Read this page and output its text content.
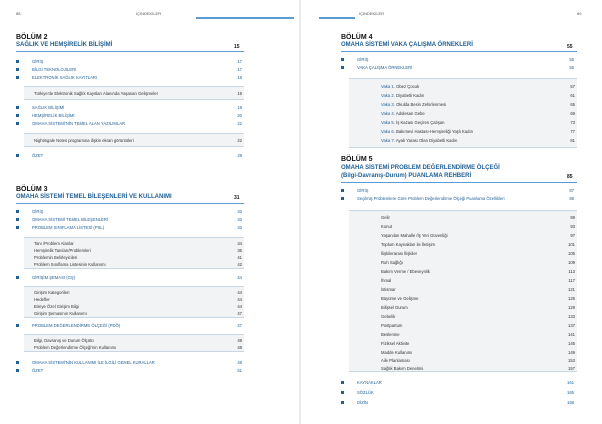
88	İÇİNDEKİLER
BÖLÜM 2
SAĞLIK VE HEMŞİRELİK BİLİŞİMİ	15
GİRİŞ	17
BİLGİ TEKNOLOJİLERİ	17
ELEKTRONİK SAĞLIK KAYITLARI	18
Türkiye'de Elektronik Sağlık Kayıtları Alanında Yaşanan Gelişmeler	19
SAĞLIK BİLİŞİMİ	19
HEMŞİRELİK BİLİŞİMİ	20
OMAHA SİSTEMİ'NİN TEMEL ALAN YAZILIMLAR	22
Nightingale Notes programına ilişkin ekran görüntüleri	22
ÖZET	29
BÖLÜM 3
OMAHA SİSTEMİ TEMEL BİLEŞENLERİ VE KULLANIMI	31
GİRİŞ	33
OMAHA SİSTEMİ TEMEL BİLEŞENLERİ	33
PROBLEM SINIFLAMA LİSTESİ (PSL)	33
Tanı /Problem Alanlar	34
Hemşirelik Tanıları/Problemleri	36
Problemin Belirleyicileri	41
Problem Sınıflama Listesinin Kullanımı	42
GİRİŞİM ŞEMASI (GŞ)	44
Girişim Kategorileri	44
Hedefler	44
Bireye Özel Girişim Bilgi	44
Girişim Şemasının Kullanımı	47
PROBLEM DEĞERLENDİRME ÖLÇEĞİ (PDÖ)	47
Bilgi, Davranış ve Durum Ölçütü	48
Problem Değerlendirme Ölçeği'nin Kullanımı	48
OMAHA SİSTEMİ'NİN KULLANIMI İLE İLGİLİ GENEL KURALLAR	48
ÖZET	51
İÇİNDEKİLER	89
BÖLÜM 4
OMAHA SİSTEMİ VAKA ÇALIŞMA ÖRNEKLERİ	55
GİRİŞ	55
VAKA ÇALIŞMA ÖRNEKLERİ	56
Vaka 1. Obez Çocuk	57
Vaka 2. Diyabetli Kadın	61
Vaka 3. Okulda Besin Zehirlenmesi	65
Vaka 4. Adolesan Gebe	69
Vaka 5. İş Kazası Geçiren Çalışan	73
Vaka 6. Bakımevi Hastası-Hemşireliği Yaşlı Kadın	77
Vaka 7. Ayak Yarası Olan Diyabetli Kadın	81
BÖLÜM 5
OMAHA SİSTEMİ PROBLEM DEĞERLENDİRME ÖLÇEĞİ
(Bilgi-Davranış-Durum) PUANLAMA REHBERİ	85
GİRİŞ	87
Seçilmiş Problemlere Göre Problem Değerlendirme Ölçeği Puanlama Özellikleri	88
Gelir	89
Konut	93
Yaşanılan Mahalle /İş Yeri Güvenliği	97
Toplum Kaynakları ile İletişim	101
İlişkilerarası İlişkiler	105
Ruh Sağlığı	109
Bakım Verme / Ebeveynlik	113
İhmal	117
İstismar	121
Büyüme ve Gelişme	125
Bilişsel Durum	129
Gebelik	133
Postpartum	137
Beslenme	141
Fiziksel Aktivite	145
Madde Kullanımı	149
Aile Planlaması	153
Sağlık Bakım Denetimi	157
KAYNAKLAR	161
SÖZLÜK	165
DİZİN	168
